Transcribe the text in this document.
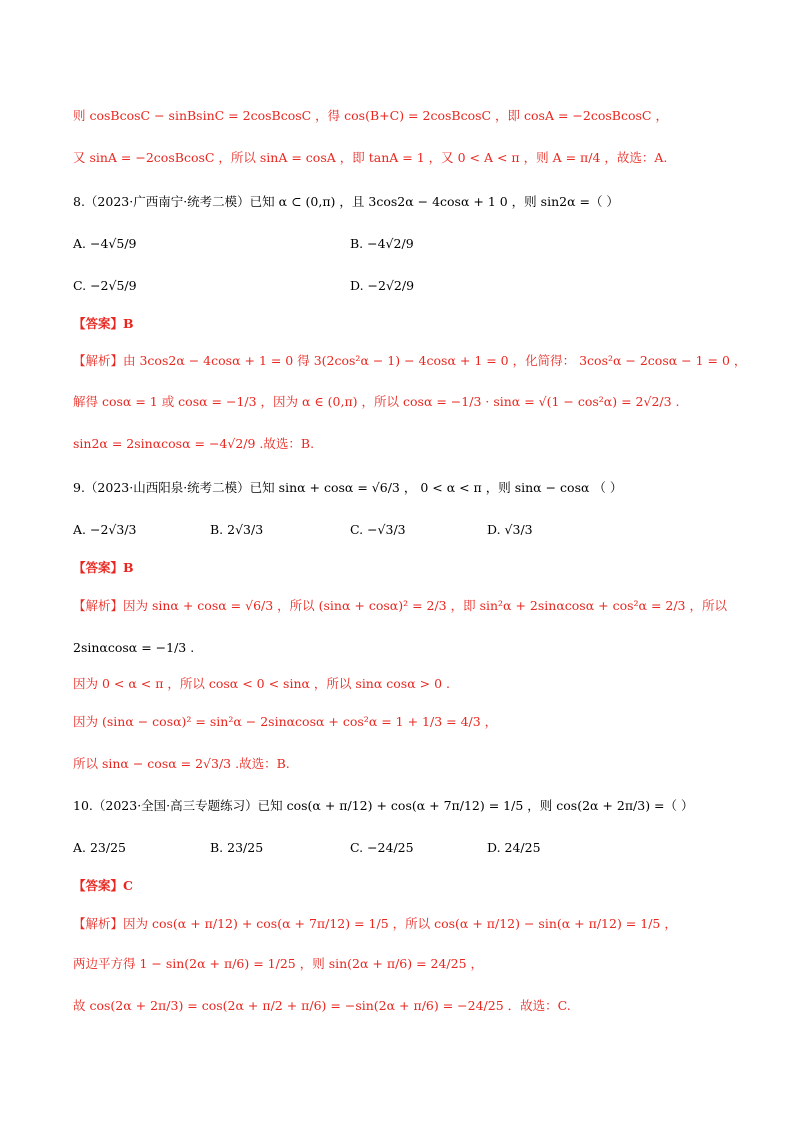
则 cosBcosC − sinBsinC = 2cosBcosC ，得 cos(B+C) = 2cosBcosC ，即 cosA = −2cosBcosC ，
又 sinA = −2cosBcosC ，所以 sinA = cosA ，即 tanA = 1 ，又 0 < A < π ，则 A = π/4 ，故选：A.
8.（2023·广西南宁·统考二模）已知 α ⊂ (0,π) ，且 3cos2α − 4cosα + 1 0 ，则 sin2α =（ ）
A. −4√5/9	B. −4√2/9
C. −2√5/9	D. −2√2/9
【答案】B
【解析】由 3cos2α − 4cosα + 1 = 0 得 3(2cos²α − 1) − 4cosα + 1 = 0 ，化简得： 3cos²α − 2cosα − 1 = 0 ，
解得 cosα = 1 或 cosα = −1/3 ，因为 α ∈ (0,π) ，所以 cosα = −1/3 · sinα = √(1 − cos²α) = 2√2/3 .
sin2α = 2sinαcosα = −4√2/9 .故选：B.
9.（2023·山西阳泉·统考二模）已知 sinα + cosα = √6/3 ， 0 < α < π ，则 sinα − cosα （ ）
A. −2√3/3	B. 2√3/3	C. −√3/3	D. √3/3
【答案】B
【解析】因为 sinα + cosα = √6/3 ，所以 (sinα + cosα)² = 2/3 ，即 sin²α + 2sinαcosα + cos²α = 2/3 ，所以
2sinαcosα = −1/3 .
因为 0 < α < π ，所以 cosα < 0 < sinα ，所以 sinα cosα > 0 .
因为 (sinα − cosα)² = sin²α − 2sinαcosα + cos²α = 1 + 1/3 = 4/3 ，
所以 sinα − cosα = 2√3/3 .故选：B.
10.（2023·全国·高三专题练习）已知 cos(α + π/12) + cos(α + 7π/12) = 1/5 ，则 cos(2α + 2π/3) =（ ）
A. 23/25	B. 23/25	C. −24/25	D. 24/25
【答案】C
【解析】因为 cos(α + π/12) + cos(α + 7π/12) = 1/5 ，所以 cos(α + π/12) − sin(α + π/12) = 1/5 ，
两边平方得 1 − sin(2α + π/6) = 1/25 ，则 sin(2α + π/6) = 24/25 ，
故 cos(2α + 2π/3) = cos(2α + π/2 + π/6) = −sin(2α + π/6) = −24/25 ．故选：C.
